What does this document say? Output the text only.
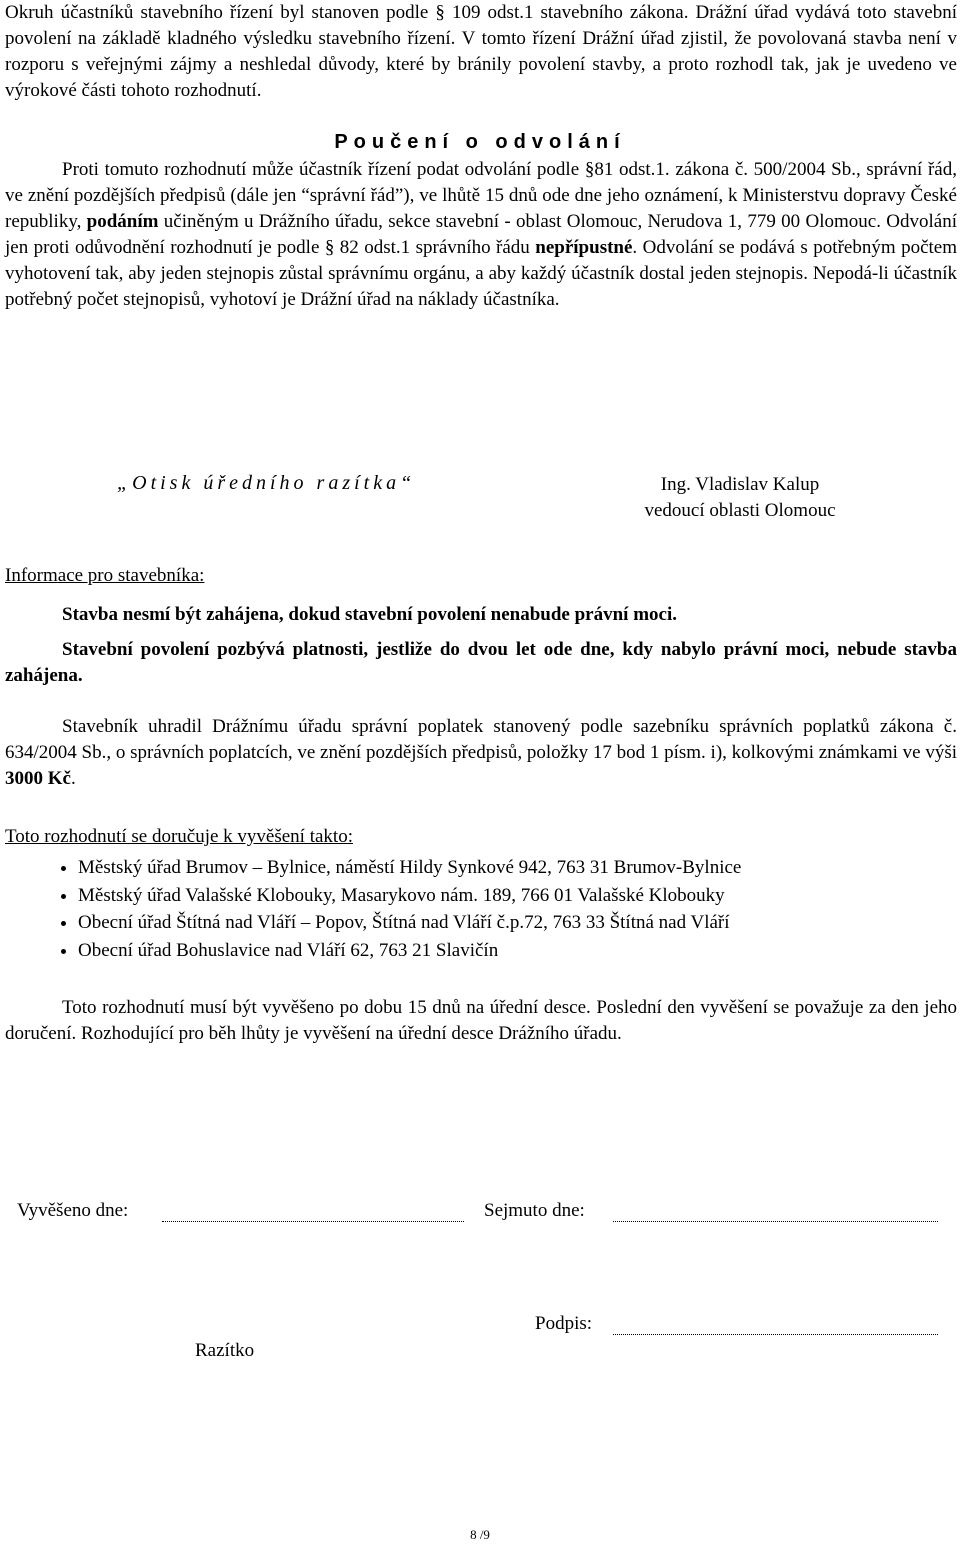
Okruh účastníků stavebního řízení byl stanoven podle § 109 odst.1 stavebního zákona. Drážní úřad vydává toto stavební povolení na základě kladného výsledku stavebního řízení. V tomto řízení Drážní úřad zjistil, že povolovaná stavba není v rozporu s veřejnými zájmy a neshledal důvody, které by bránily povolení stavby, a proto rozhodl tak, jak je uvedeno ve výrokové části tohoto rozhodnutí.
Poučení o odvolání
Proti tomuto rozhodnutí může účastník řízení podat odvolání podle §81 odst.1. zákona č. 500/2004 Sb., správní řád, ve znění pozdějších předpisů (dále jen “správní řád”), ve lhůtě 15 dnů ode dne jeho oznámení, k Ministerstvu dopravy České republiky, podáním učiněným u Drážního úřadu, sekce stavební - oblast Olomouc, Nerudova 1, 779 00 Olomouc. Odvolání jen proti odůvodnění rozhodnutí je podle § 82 odst.1 správního řádu nepřípustné. Odvolání se podává s potřebným počtem vyhotovení tak, aby jeden stejnopis zůstal správnímu orgánu, a aby každý účastník dostal jeden stejnopis. Nepodá-li účastník potřebný počet stejnopisů, vyhotoví je Drážní úřad na náklady účastníka.
„Otisk úředního razítka“	Ing. Vladislav Kalup
vedoucí oblasti Olomouc
Informace pro stavebníka:
Stavba nesmí být zahájena, dokud stavební povolení nenabude právní moci.
Stavební povolení pozbývá platnosti, jestliže do dvou let ode dne, kdy nabylo právní moci, nebude stavba zahájena.
Stavebník uhradil Drážnímu úřadu správní poplatek stanovený podle sazebníku správních poplatků zákona č. 634/2004 Sb., o správních poplatcích, ve znění pozdějších předpisů, položky 17 bod 1 písm. i), kolkovými známkami ve výši 3000 Kč.
Toto rozhodnutí se doručuje k vyvěšení takto:
• Městský úřad Brumov – Bylnice, náměstí Hildy Synkové 942, 763 31 Brumov-Bylnice
• Městský úřad Valašské Klobouky, Masarykovo nám. 189, 766 01 Valašské Klobouky
• Obecní úřad Štítná nad Vláří – Popov, Štítná nad Vláří č.p.72, 763 33 Štítná nad Vláří
• Obecní úřad Bohuslavice nad Vláří 62, 763 21 Slavičín
Toto rozhodnutí musí být vyvěšeno po dobu 15 dnů na úřední desce. Poslední den vyvěšení se považuje za den jeho doručení. Rozhodující pro běh lhůty je vyvěšení na úřední desce Drážního úřadu.
Vyvěšeno dne:	Sejmuto dne:
Podpis:
Razítko
8 /9
